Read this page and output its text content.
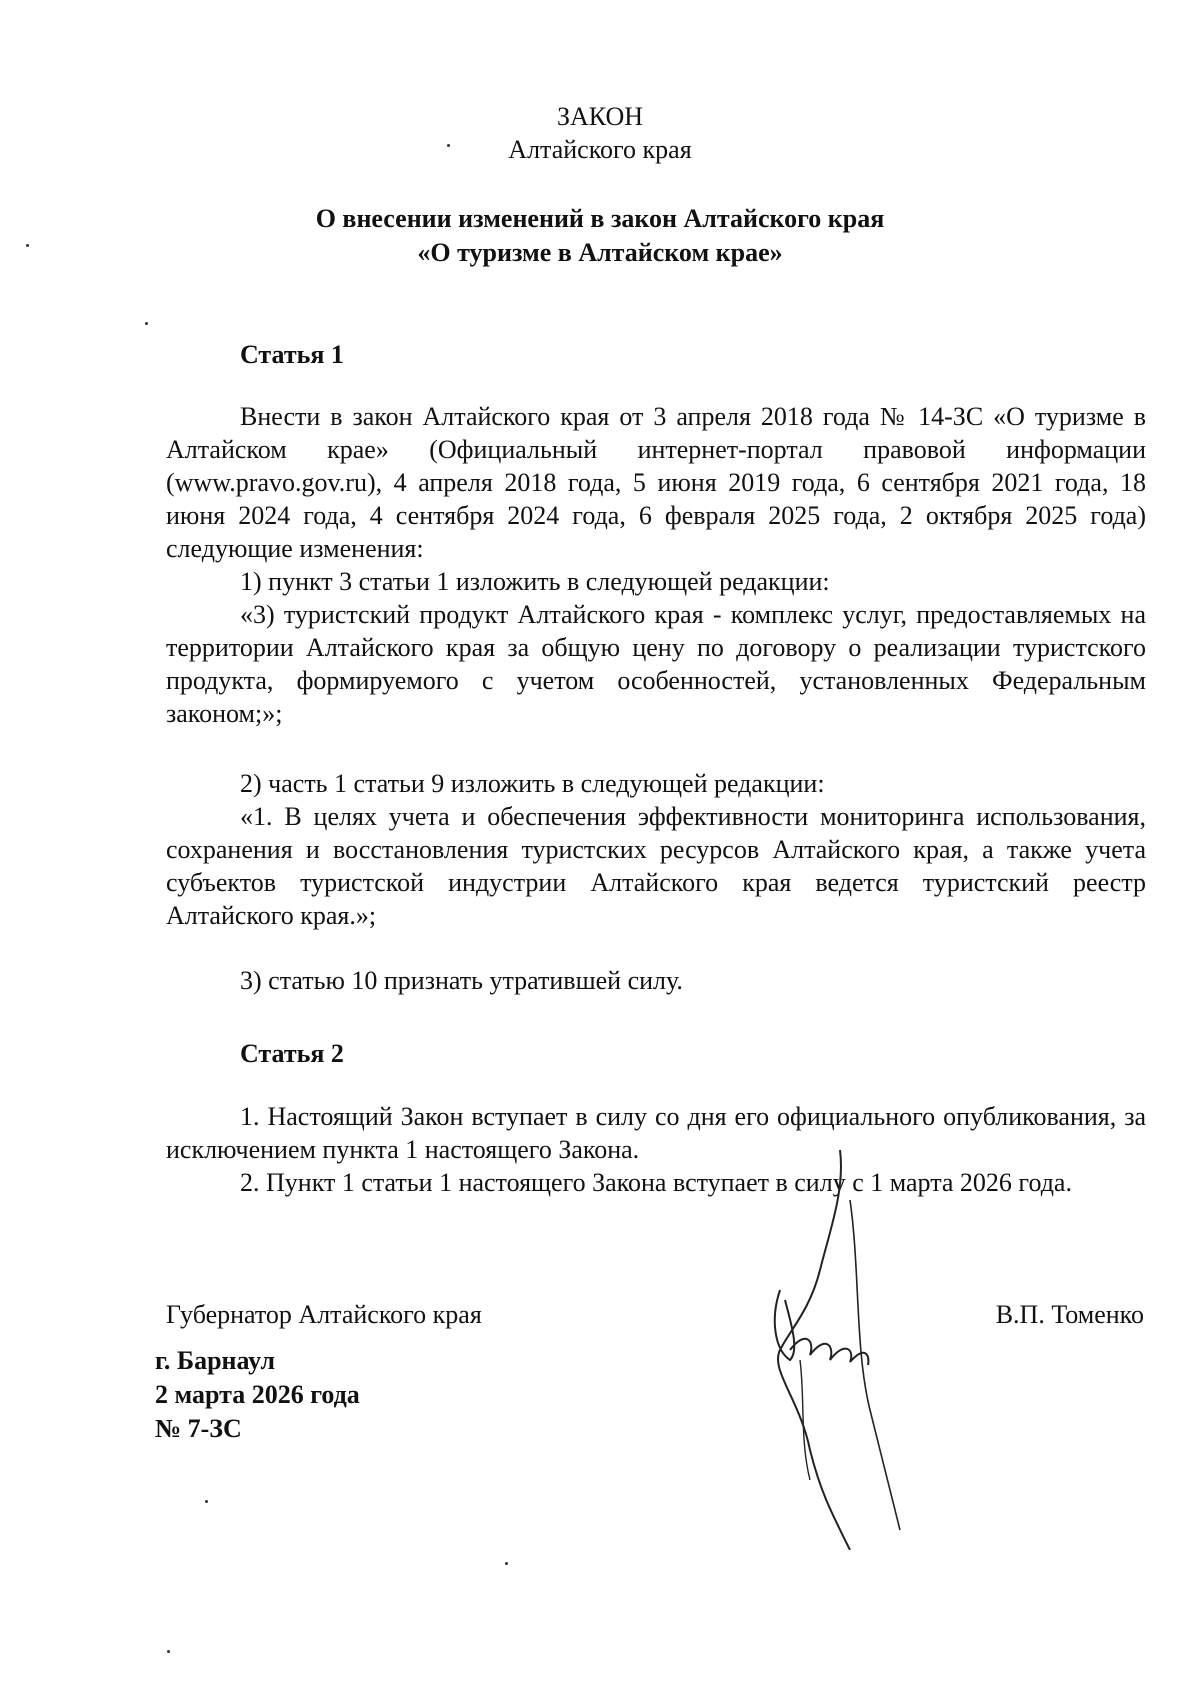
ЗАКОН
Алтайского края
О внесении изменений в закон Алтайского края
«О туризме в Алтайском крае»
Статья 1

Внести в закон Алтайского края от 3 апреля 2018 года № 14-ЗС «О туризме в Алтайском крае» (Официальный интернет-портал правовой информации (www.pravo.gov.ru), 4 апреля 2018 года, 5 июня 2019 года, 6 сентября 2021 года, 18 июня 2024 года, 4 сентября 2024 года, 6 февраля 2025 года, 2 октября 2025 года) следующие изменения:

1) пункт 3 статьи 1 изложить в следующей редакции:

«3) туристский продукт Алтайского края - комплекс услуг, предоставляемых на территории Алтайского края за общую цену по договору о реализации туристского продукта, формируемого с учетом особенностей, установленных Федеральным законом;»;

2) часть 1 статьи 9 изложить в следующей редакции:

«1. В целях учета и обеспечения эффективности мониторинга использования, сохранения и восстановления туристских ресурсов Алтайского края, а также учета субъектов туристской индустрии Алтайского края ведется туристский реестр Алтайского края.»;

3) статью 10 признать утратившей силу.

Статья 2

1. Настоящий Закон вступает в силу со дня его официального опубликования, за исключением пункта 1 настоящего Закона.

2. Пункт 1 статьи 1 настоящего Закона вступает в силу с 1 марта 2026 года.

Губернатор Алтайского края	В.П. Томенко
г. Барнаул
2 марта 2026 года
№ 7-ЗС
